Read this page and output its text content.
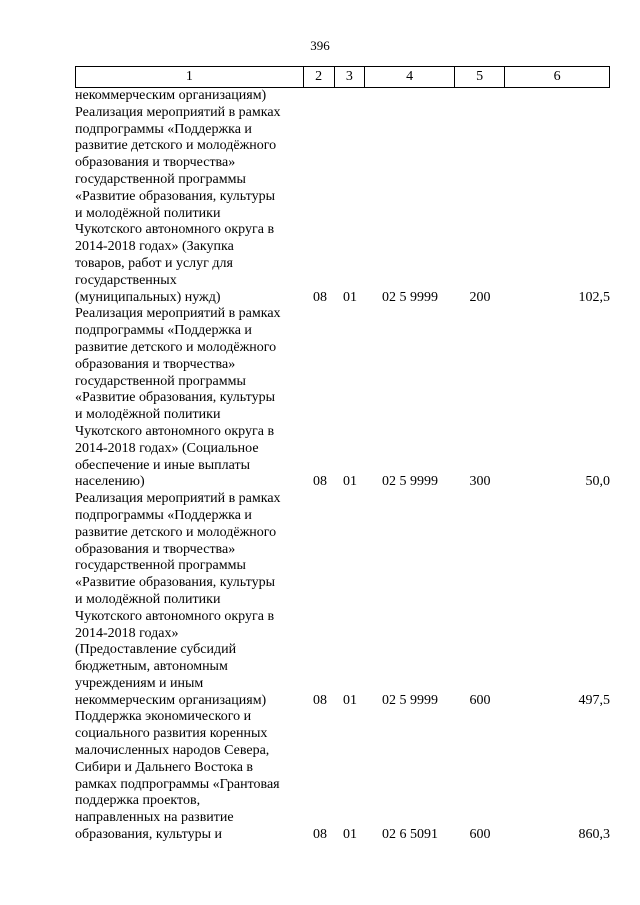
396
1	2	3	4	5	6
некоммерческим организациям)
Реализация мероприятий в рамках
подпрограммы «Поддержка и
развитие детского и молодёжного
образования и творчества»
государственной программы
«Развитие образования, культуры
и молодёжной политики
Чукотского автономного округа в
2014-2018 годах» (Закупка
товаров, работ и услуг для
государственных
(муниципальных) нужд)	08	01	02 5 9999	200	102,5
Реализация мероприятий в рамках
подпрограммы «Поддержка и
развитие детского и молодёжного
образования и творчества»
государственной программы
«Развитие образования, культуры
и молодёжной политики
Чукотского автономного округа в
2014-2018 годах» (Социальное
обеспечение и иные выплаты
населению)	08	01	02 5 9999	300	50,0
Реализация мероприятий в рамках
подпрограммы «Поддержка и
развитие детского и молодёжного
образования и творчества»
государственной программы
«Развитие образования, культуры
и молодёжной политики
Чукотского автономного округа в
2014-2018 годах»
(Предоставление субсидий
бюджетным, автономным
учреждениям и иным
некоммерческим организациям)	08	01	02 5 9999	600	497,5
Поддержка экономического и
социального развития коренных
малочисленных народов Севера,
Сибири и Дальнего Востока в
рамках подпрограммы «Грантовая
поддержка проектов,
направленных на развитие
образования, культуры и	08	01	02 6 5091	600	860,3
